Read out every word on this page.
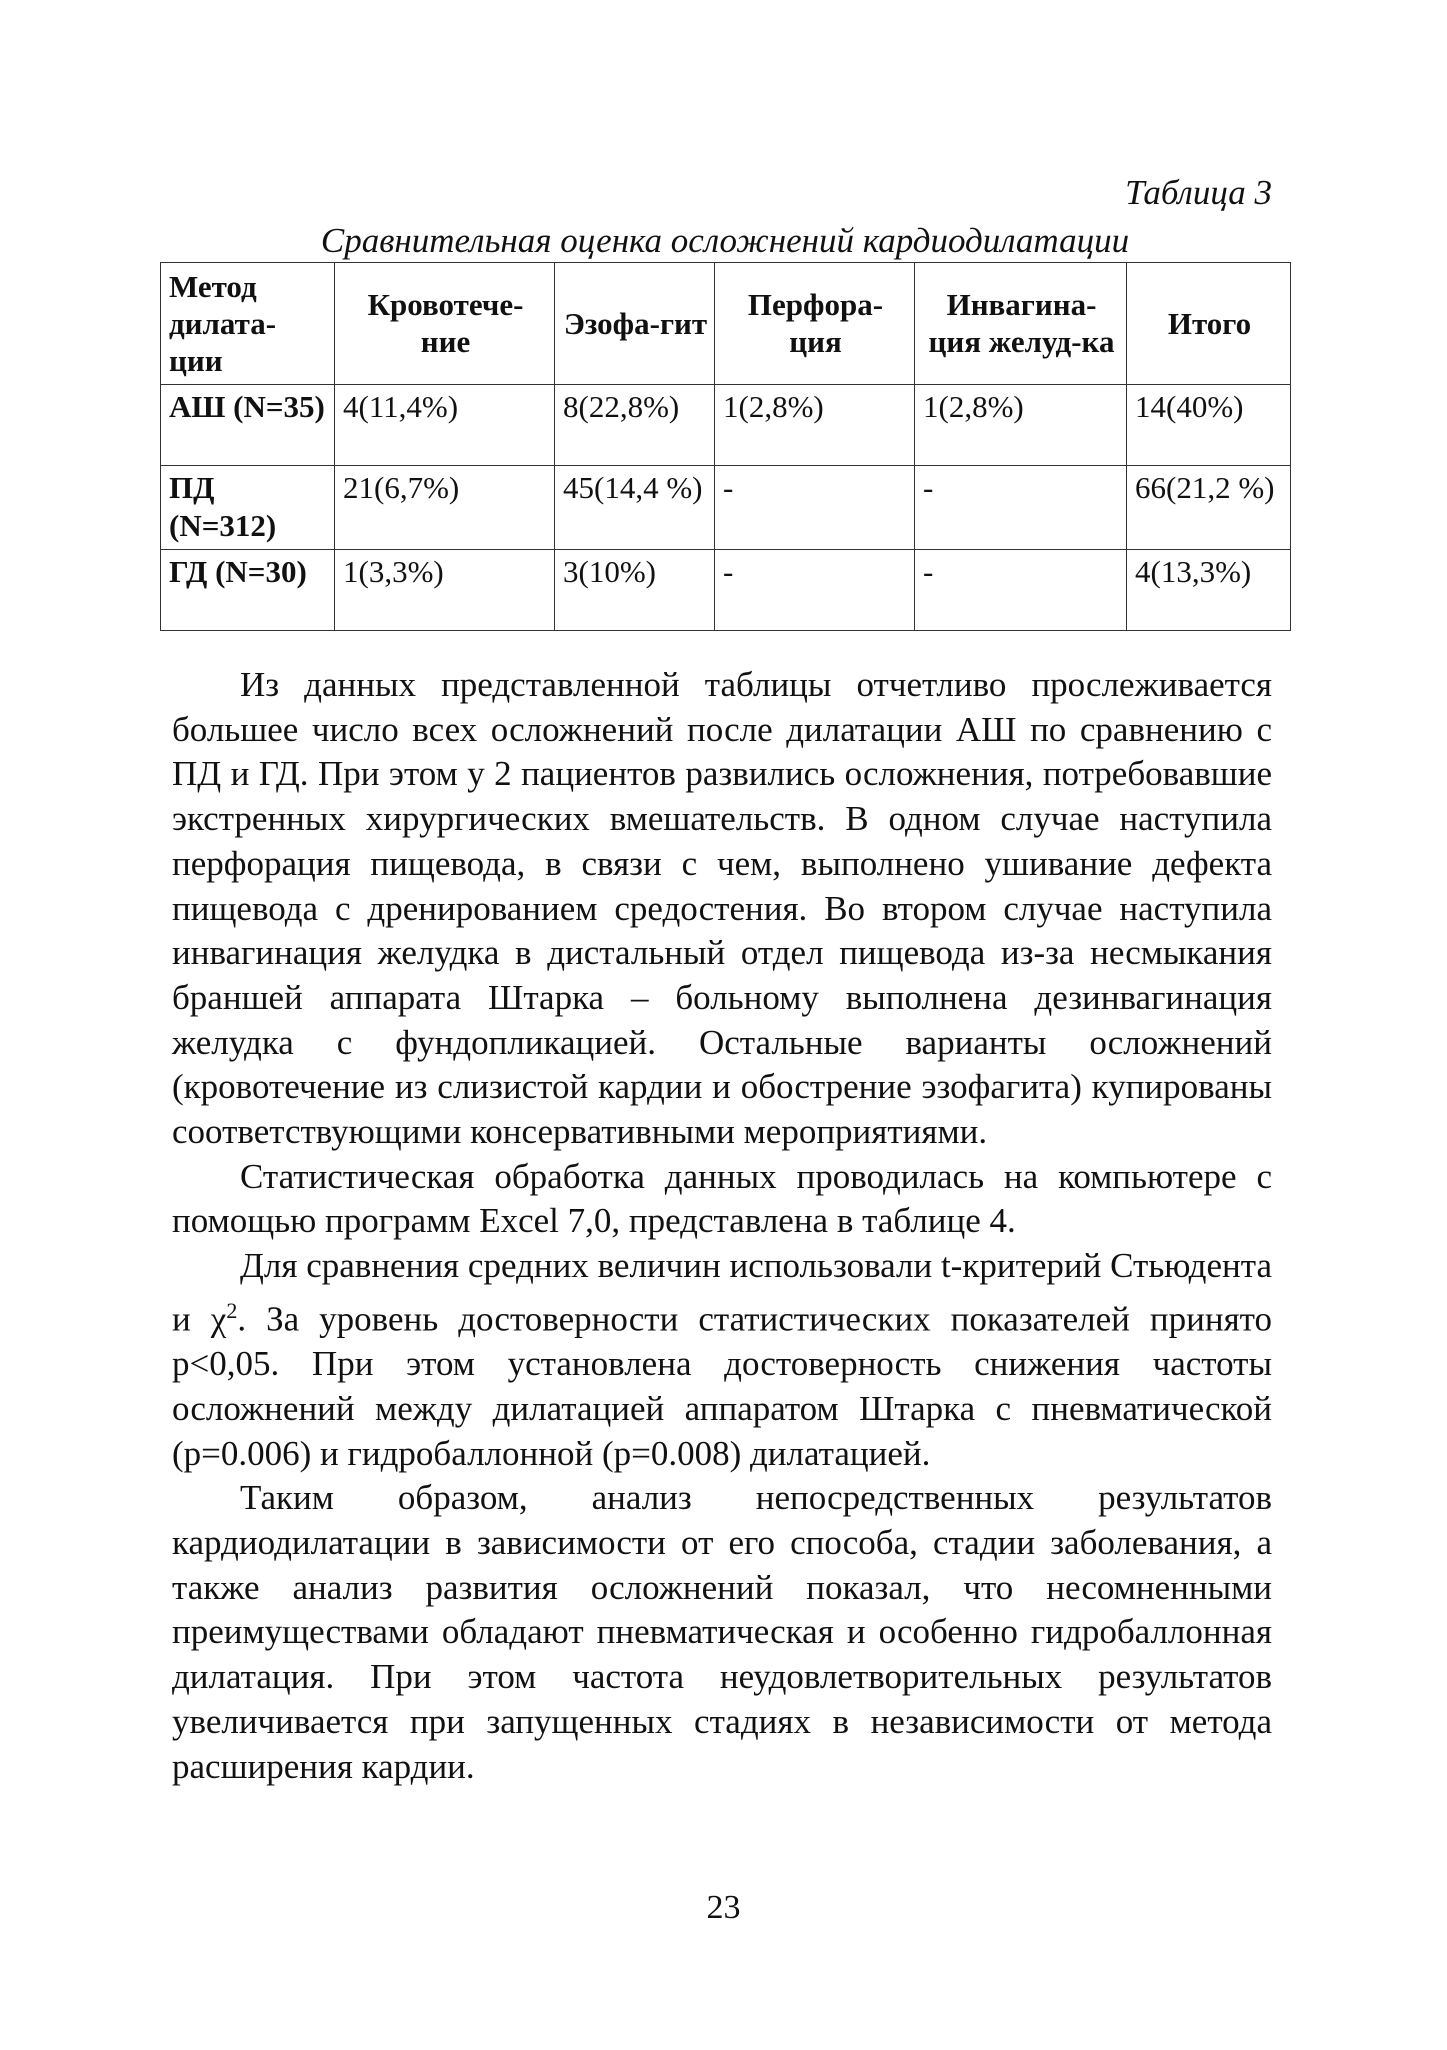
Таблица 3
Сравнительная оценка осложнений кардиодилатации
Метод дилата-ции	Кровотече-ние	Эзофа-гит	Перфора-ция	Инвагина-ция желуд-ка	Итого
АШ (N=35)	4(11,4%)	8(22,8%)	1(2,8%)	1(2,8%)	14(40%)
ПД (N=312)	21(6,7%)	45(14,4 %)	-	-	66(21,2 %)
ГД (N=30)	1(3,3%)	3(10%)	-	-	4(13,3%)

Из данных представленной таблицы отчетливо прослеживается большее число всех осложнений после дилатации АШ по сравнению с ПД и ГД. При этом у 2 пациентов развились осложнения, потребовавшие экстренных хирургических вмешательств. В одном случае наступила перфорация пищевода, в связи с чем, выполнено ушивание дефекта пищевода с дренированием средостения. Во втором случае наступила инвагинация желудка в дистальный отдел пищевода из-за несмыкания браншей аппарата Штарка – больному выполнена дезинвагинация желудка с фундопликацией. Остальные варианты осложнений (кровотечение из слизистой кардии и обострение эзофагита) купированы соответствующими консервативными мероприятиями.

Статистическая обработка данных проводилась на компьютере с помощью программ Excel 7,0, представлена в таблице 4.

Для сравнения средних величин использовали t-критерий Стьюдента и $\chi^2$. За уровень достоверности статистических показателей принято р<0,05. При этом установлена достоверность снижения частоты осложнений между дилатацией аппаратом Штарка с пневматической (р=0.006) и гидробаллонной (р=0.008) дилатацией.

Таким образом, анализ непосредственных результатов кардиодилатации в зависимости от его способа, стадии заболевания, а также анализ развития осложнений показал, что несомненными преимуществами обладают пневматическая и особенно гидробаллонная дилатация. При этом частота неудовлетворительных результатов увеличивается при запущенных стадиях в независимости от метода расширения кардии.

23
